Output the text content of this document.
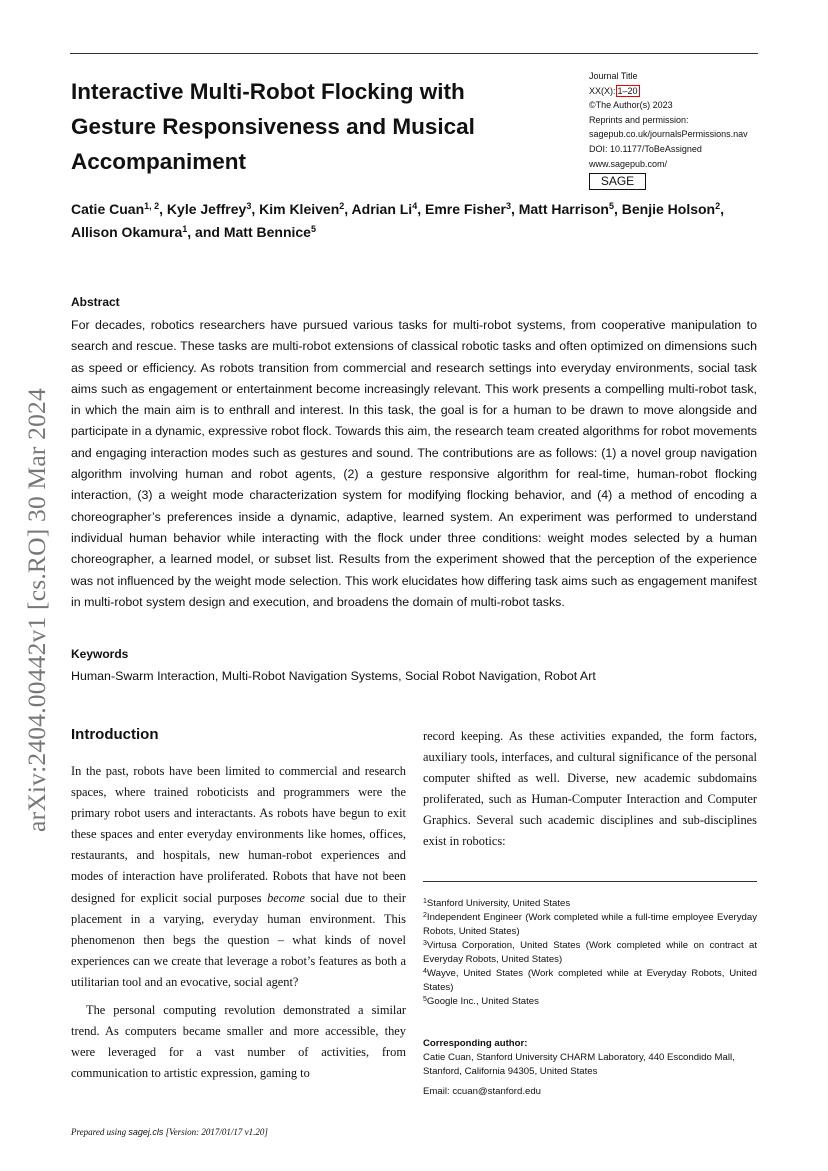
arXiv:2404.00442v1 [cs.RO] 30 Mar 2024
Interactive Multi-Robot Flocking with Gesture Responsiveness and Musical Accompaniment
Journal Title
XX(X): 1–20
©The Author(s) 2023
Reprints and permission:
sagepub.co.uk/journalsPermissions.nav
DOI: 10.1177/ToBeAssigned
www.sagepub.com/
SAGE
Catie Cuan$^{1, 2}$, Kyle Jeffrey$^3$, Kim Kleiven$^2$, Adrian Li$^4$, Emre Fisher$^3$, Matt Harrison$^5$, Benjie Holson$^2$, Allison Okamura$^1$, and Matt Bennice$^5$
Abstract
For decades, robotics researchers have pursued various tasks for multi-robot systems, from cooperative manipulation to search and rescue. These tasks are multi-robot extensions of classical robotic tasks and often optimized on dimensions such as speed or efficiency. As robots transition from commercial and research settings into everyday environments, social task aims such as engagement or entertainment become increasingly relevant. This work presents a compelling multi-robot task, in which the main aim is to enthrall and interest. In this task, the goal is for a human to be drawn to move alongside and participate in a dynamic, expressive robot flock. Towards this aim, the research team created algorithms for robot movements and engaging interaction modes such as gestures and sound. The contributions are as follows: (1) a novel group navigation algorithm involving human and robot agents, (2) a gesture responsive algorithm for real-time, human-robot flocking interaction, (3) a weight mode characterization system for modifying flocking behavior, and (4) a method of encoding a choreographer’s preferences inside a dynamic, adaptive, learned system. An experiment was performed to understand individual human behavior while interacting with the flock under three conditions: weight modes selected by a human choreographer, a learned model, or subset list. Results from the experiment showed that the perception of the experience was not influenced by the weight mode selection. This work elucidates how differing task aims such as engagement manifest in multi-robot system design and execution, and broadens the domain of multi-robot tasks.
Keywords
Human-Swarm Interaction, Multi-Robot Navigation Systems, Social Robot Navigation, Robot Art
Introduction

In the past, robots have been limited to commercial and research spaces, where trained roboticists and programmers were the primary robot users and interactants. As robots have begun to exit these spaces and enter everyday environments like homes, offices, restaurants, and hospitals, new human-robot experiences and modes of interaction have proliferated. Robots that have not been designed for explicit social purposes become social due to their placement in a varying, everyday human environment. This phenomenon then begs the question – what kinds of novel experiences can we create that leverage a robot’s features as both a utilitarian tool and an evocative, social agent?

The personal computing revolution demonstrated a similar trend. As computers became smaller and more accessible, they were leveraged for a vast number of activities, from communication to artistic expression, gaming to

record keeping. As these activities expanded, the form factors, auxiliary tools, interfaces, and cultural significance of the personal computer shifted as well. Diverse, new academic subdomains proliferated, such as Human-Computer Interaction and Computer Graphics. Several such academic disciplines and sub-disciplines exist in robotics:

$^1$Stanford University, United States
$^2$Independent Engineer (Work completed while a full-time employee Everyday Robots, United States)
$^3$Virtusa Corporation, United States (Work completed while on contract at Everyday Robots, United States)
$^4$Wayve, United States (Work completed while at Everyday Robots, United States)
$^5$Google Inc., United States
Corresponding author:
Catie Cuan, Stanford University CHARM Laboratory, 440 Escondido Mall, Stanford, California 94305, United States
Email: ccuan@stanford.edu
Prepared using sagej.cls [Version: 2017/01/17 v1.20]
